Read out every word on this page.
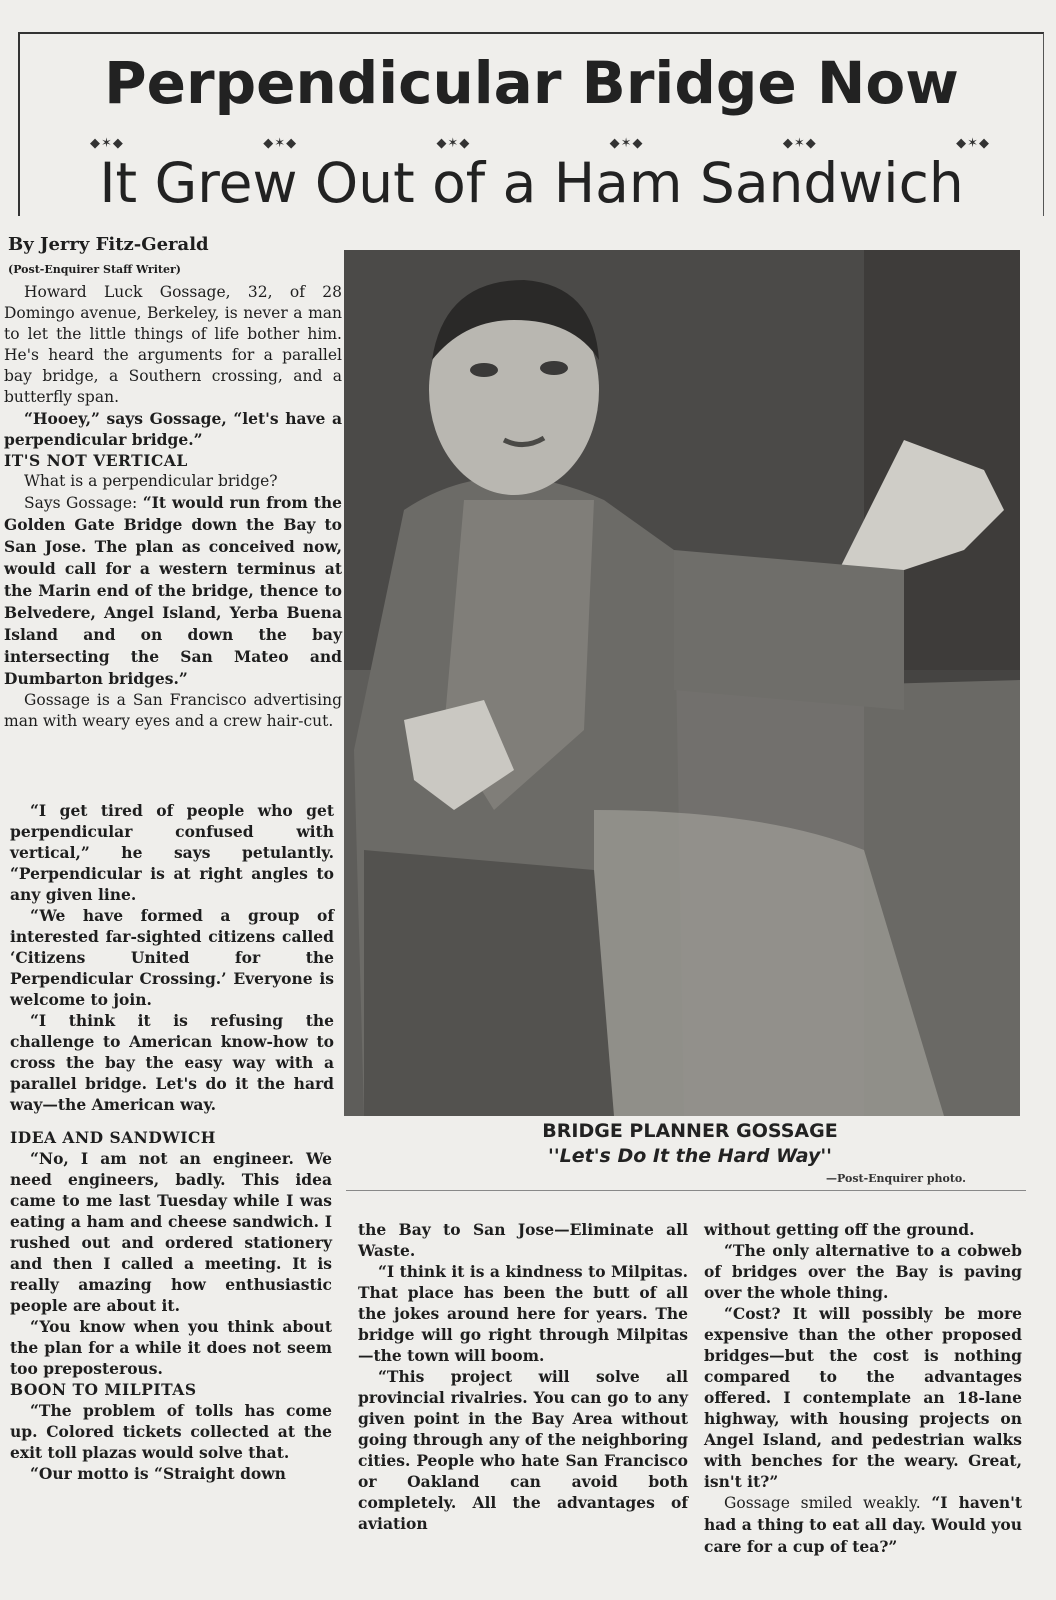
Perpendicular Bridge Now
◆✶◆	◆✶◆	◆✶◆	◆✶◆	◆✶◆	◆✶◆
It Grew Out of a Ham Sandwich
By Jerry Fitz-Gerald
(Post-Enquirer Staff Writer)

Howard Luck Gossage, 32, of 28 Domingo avenue, Berkeley, is never a man to let the little things of life bother him. He's heard the arguments for a parallel bay bridge, a Southern crossing, and a butterfly span.

“Hooey,” says Gossage, “let's have a perpendicular bridge.”

IT'S NOT VERTICAL

What is a perpendicular bridge?

Says Gossage: “It would run from the Golden Gate Bridge down the Bay to San Jose. The plan as conceived now, would call for a western terminus at the Marin end of the bridge, thence to Belvedere, Angel Island, Yerba Buena Island and on down the bay intersecting the San Mateo and Dumbarton bridges.”

Gossage is a San Francisco advertising man with weary eyes and a crew hair-cut.

“I get tired of people who get perpendicular confused with vertical,” he says petulantly. “Perpendicular is at right angles to any given line.

“We have formed a group of interested far-sighted citizens called ‘Citizens United for the Perpendicular Crossing.’ Everyone is welcome to join.

“I think it is refusing the challenge to American know-how to cross the bay the easy way with a parallel bridge. Let's do it the hard way—the American way.

IDEA AND SANDWICH

“No, I am not an engineer. We need engineers, badly. This idea came to me last Tuesday while I was eating a ham and cheese sandwich. I rushed out and ordered stationery and then I called a meeting. It is really amazing how enthusiastic people are about it.

“You know when you think about the plan for a while it does not seem too preposterous.

BOON TO MILPITAS

“The problem of tolls has come up. Colored tickets collected at the exit toll plazas would solve that.

“Our motto is “Straight down

the Bay to San Jose—Eliminate all Waste.

“I think it is a kindness to Milpitas. That place has been the butt of all the jokes around here for years. The bridge will go right through Milpitas—the town will boom.

“This project will solve all provincial rivalries. You can go to any given point in the Bay Area without going through any of the neighboring cities. People who hate San Francisco or Oakland can avoid both completely. All the advantages of aviation

without getting off the ground.

“The only alternative to a cobweb of bridges over the Bay is paving over the whole thing.

“Cost? It will possibly be more expensive than the other proposed bridges—but the cost is nothing compared to the advantages offered. I contemplate an 18-lane highway, with housing projects on Angel Island, and pedestrian walks with benches for the weary. Great, isn't it?”

Gossage smiled weakly. “I haven't had a thing to eat all day. Would you care for a cup of tea?”

BRIDGE PLANNER GOSSAGE
''Let's Do It the Hard Way''
—Post-Enquirer photo.
